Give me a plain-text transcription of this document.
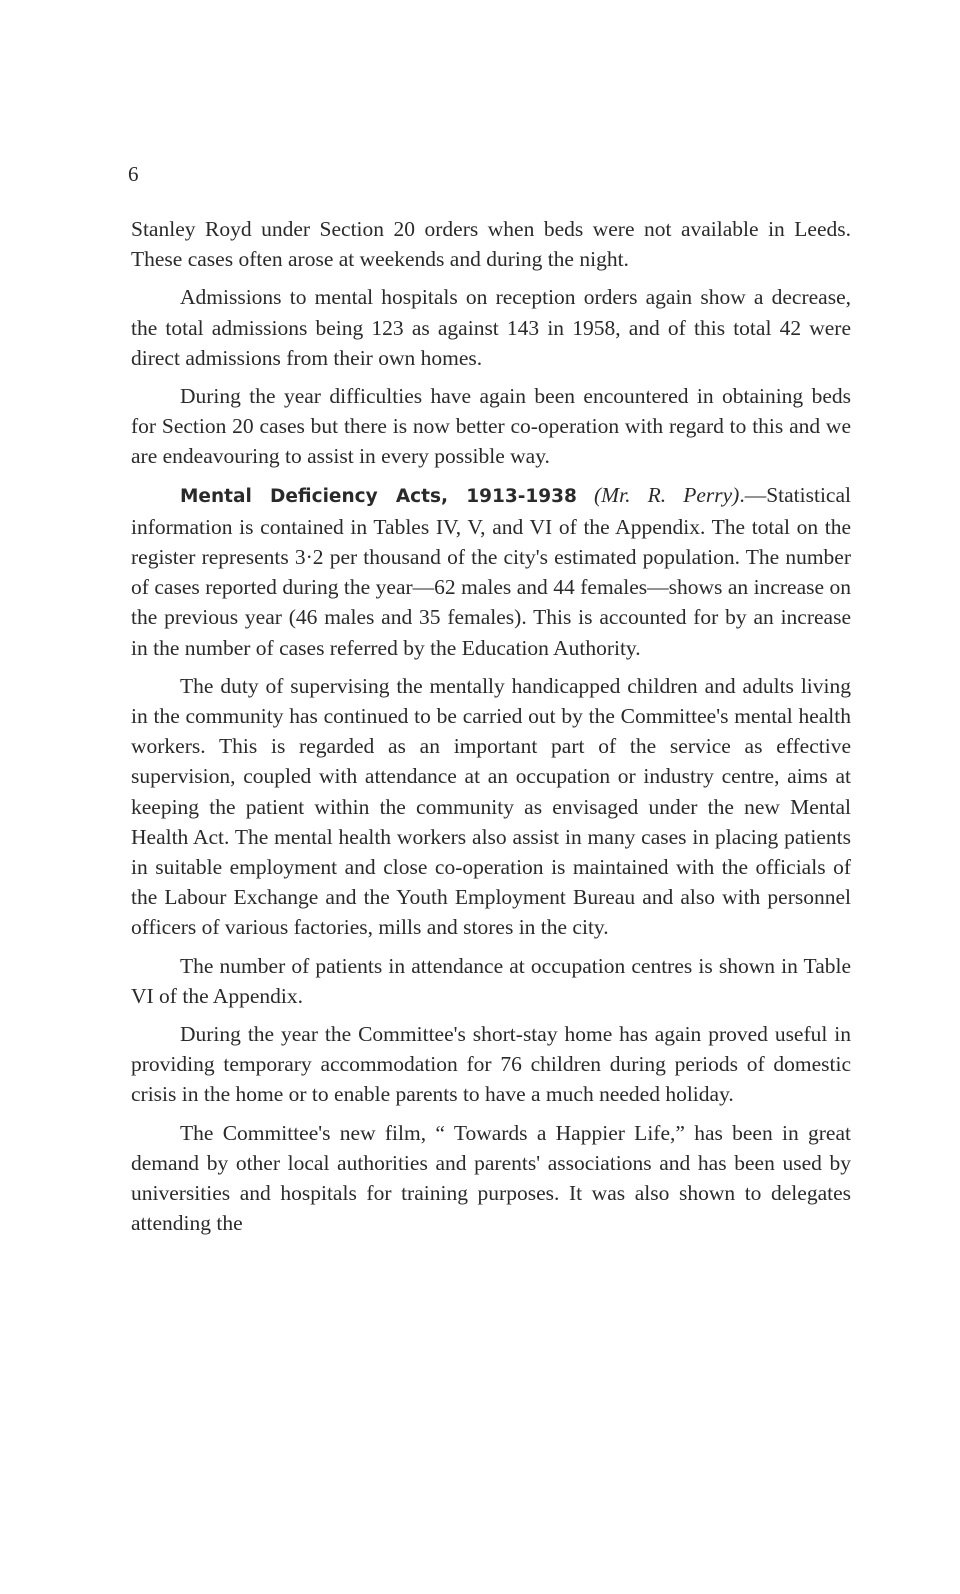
6

Stanley Royd under Section 20 orders when beds were not available in Leeds. These cases often arose at weekends and during the night.

Admissions to mental hospitals on reception orders again show a decrease, the total admissions being 123 as against 143 in 1958, and of this total 42 were direct admissions from their own homes.

During the year difficulties have again been encountered in obtaining beds for Section 20 cases but there is now better co-operation with regard to this and we are endeavouring to assist in every possible way.

Mental Deficiency Acts, 1913-1938 (Mr. R. Perry).—Statistical information is contained in Tables IV, V, and VI of the Appendix. The total on the register represents 3·2 per thousand of the city's estimated population. The number of cases reported during the year—62 males and 44 females—shows an increase on the previous year (46 males and 35 females). This is accounted for by an increase in the number of cases referred by the Education Authority.

The duty of supervising the mentally handicapped children and adults living in the community has continued to be carried out by the Committee's mental health workers. This is regarded as an important part of the service as effective supervision, coupled with attendance at an occupation or industry centre, aims at keeping the patient within the community as envisaged under the new Mental Health Act. The mental health workers also assist in many cases in placing patients in suitable employment and close co-operation is maintained with the officials of the Labour Exchange and the Youth Employment Bureau and also with personnel officers of various factories, mills and stores in the city.

The number of patients in attendance at occupation centres is shown in Table VI of the Appendix.

During the year the Committee's short-stay home has again proved useful in providing temporary accommodation for 76 children during periods of domestic crisis in the home or to enable parents to have a much needed holiday.

The Committee's new film, “ Towards a Happier Life,” has been in great demand by other local authorities and parents' associations and has been used by universities and hospitals for training purposes. It was also shown to delegates attending the
